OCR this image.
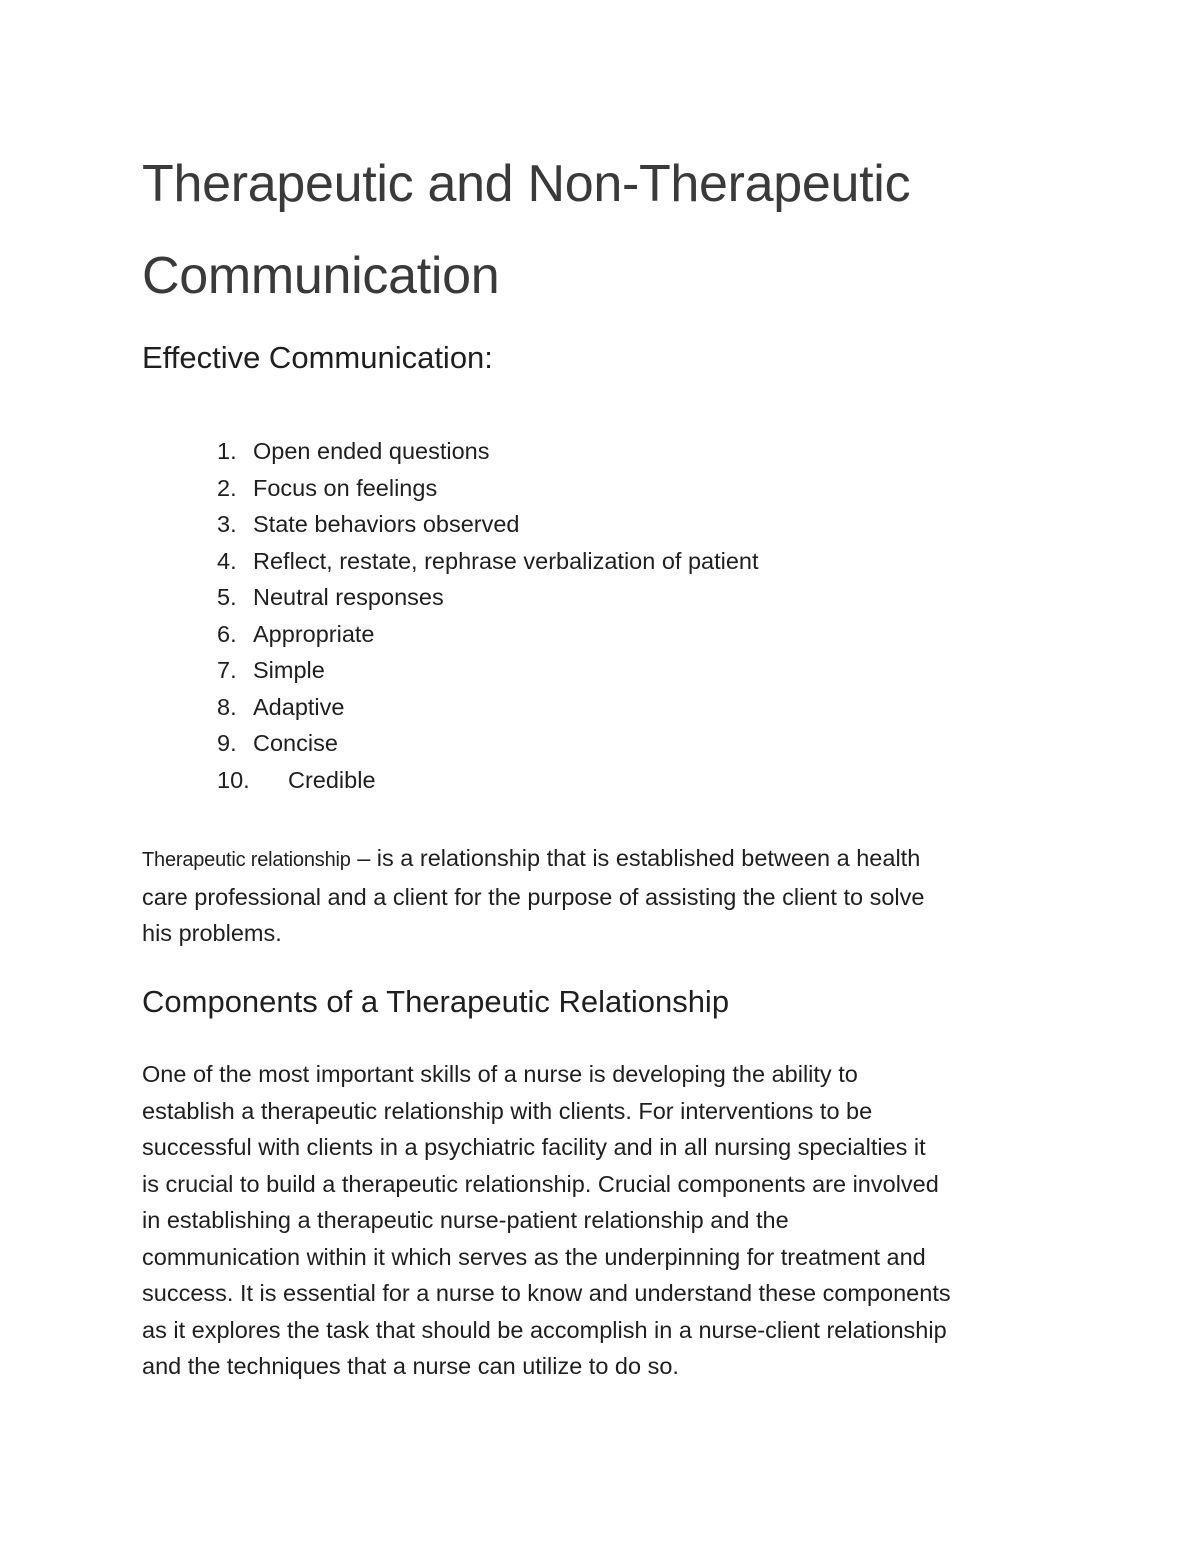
Therapeutic and Non-Therapeutic
Communication
Effective Communication:
1. Open ended questions
2. Focus on feelings
3. State behaviors observed
4. Reflect, restate, rephrase verbalization of patient
5. Neutral responses
6. Appropriate
7. Simple
8. Adaptive
9. Concise
10. Credible

Therapeutic relationship – is a relationship that is established between a health
care professional and a client for the purpose of assisting the client to solve
his problems.

Components of a Therapeutic Relationship

One of the most important skills of a nurse is developing the ability to
establish a therapeutic relationship with clients. For interventions to be
successful with clients in a psychiatric facility and in all nursing specialties it
is crucial to build a therapeutic relationship. Crucial components are involved
in establishing a therapeutic nurse-patient relationship and the
communication within it which serves as the underpinning for treatment and
success. It is essential for a nurse to know and understand these components
as it explores the task that should be accomplish in a nurse-client relationship
and the techniques that a nurse can utilize to do so.
